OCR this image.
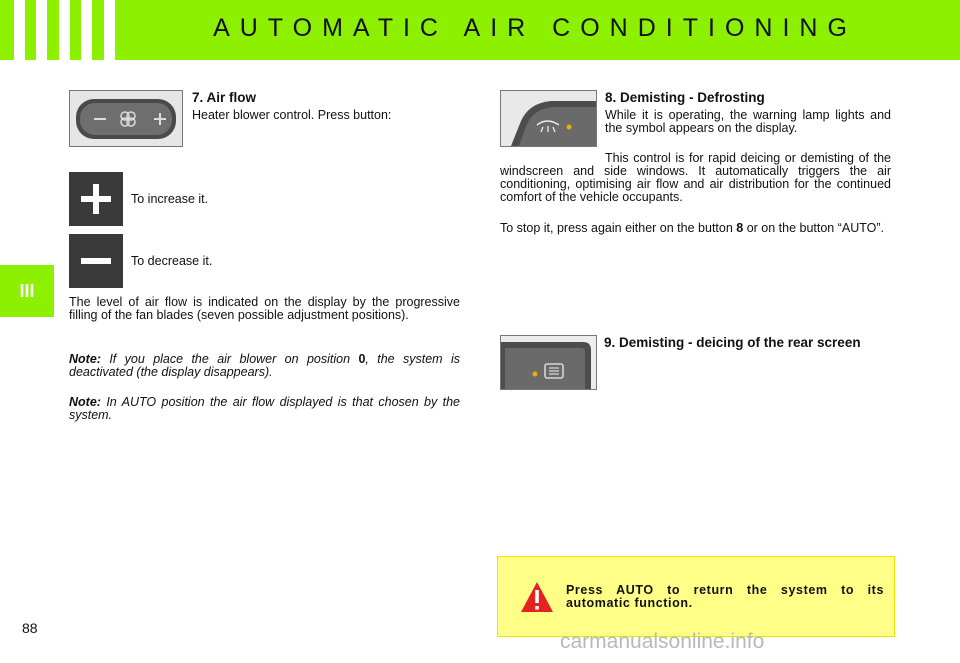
AUTOMATIC AIR CONDITIONING
III
7. Air flow
Heater blower control. Press button:
To increase it.
To decrease it.
The level of air flow is indicated on the display by the progressive filling of the fan blades (seven possible adjustment positions).
Note: If you place the air blower on position 0, the system is deactivated (the display disappears).
Note: In AUTO position the air flow displayed is that chosen by the system.
8. Demisting - Defrosting
While it is operating, the warning lamp lights and the symbol appears on the display.
This control is for rapid deicing or demisting of the windscreen and side windows. It automatically triggers the air conditioning, optimising air flow and air distribution for the continued comfort of the vehicle occupants.
To stop it, press again either on the button 8 or on the button “AUTO”.
9. Demisting - deicing of the rear screen
Press AUTO to return the system to its automatic function.
88
carmanualsonline.info
